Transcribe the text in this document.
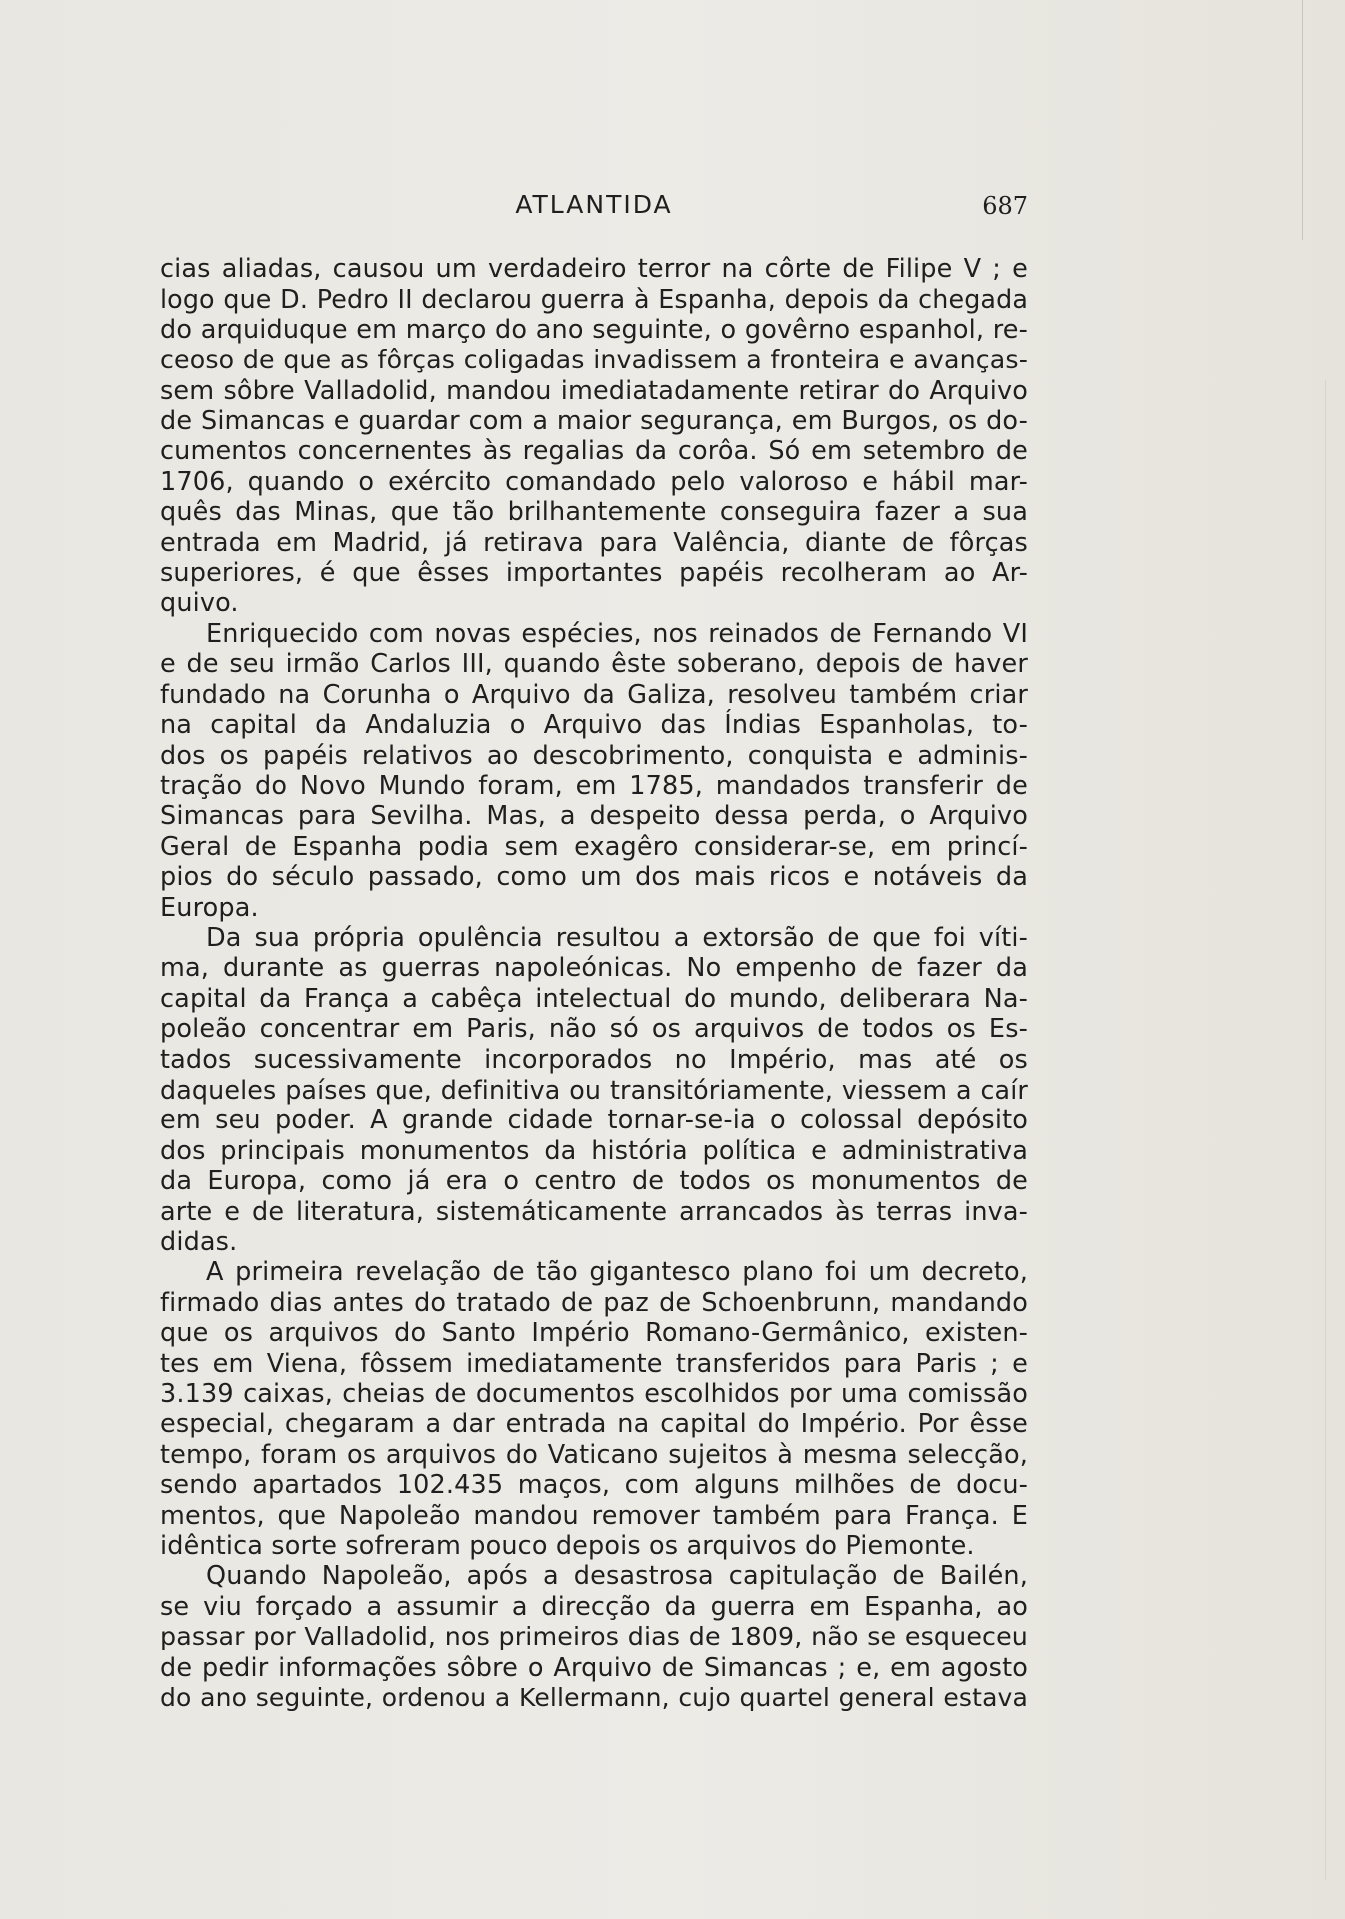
ATLANTIDA	687

cias aliadas, causou um verdadeiro terror na côrte de Filipe V ; e
logo que D. Pedro II declarou guerra à Espanha, depois da chegada
do arquiduque em março do ano seguinte, o govêrno espanhol, re-
ceoso de que as fôrças coligadas invadissem a fronteira e avanças-
sem sôbre Valladolid, mandou imediatadamente retirar do Arquivo
de Simancas e guardar com a maior segurança, em Burgos, os do-
cumentos concernentes às regalias da corôa. Só em setembro de
1706, quando o exército comandado pelo valoroso e hábil mar-
quês das Minas, que tão brilhantemente conseguira fazer a sua
entrada em Madrid, já retirava para Valência, diante de fôrças
superiores, é que êsses importantes papéis recolheram ao Ar-
quivo.

Enriquecido com novas espécies, nos reinados de Fernando VI
e de seu irmão Carlos III, quando êste soberano, depois de haver
fundado na Corunha o Arquivo da Galiza, resolveu também criar
na capital da Andaluzia o Arquivo das Índias Espanholas, to-
dos os papéis relativos ao descobrimento, conquista e adminis-
tração do Novo Mundo foram, em 1785, mandados transferir de
Simancas para Sevilha. Mas, a despeito dessa perda, o Arquivo
Geral de Espanha podia sem exagêro considerar-se, em princí-
pios do século passado, como um dos mais ricos e notáveis da
Europa.

Da sua própria opulência resultou a extorsão de que foi víti-
ma, durante as guerras napoleónicas. No empenho de fazer da
capital da França a cabêça intelectual do mundo, deliberara Na-
poleão concentrar em Paris, não só os arquivos de todos os Es-
tados sucessivamente incorporados no Império, mas até os
daqueles países que, definitiva ou transitóriamente, viessem a caír
em seu poder. A grande cidade tornar-se-ia o colossal depósito
dos principais monumentos da história política e administrativa
da Europa, como já era o centro de todos os monumentos de
arte e de literatura, sistemáticamente arrancados às terras inva-
didas.

A primeira revelação de tão gigantesco plano foi um decreto,
firmado dias antes do tratado de paz de Schoenbrunn, mandando
que os arquivos do Santo Império Romano-Germânico, existen-
tes em Viena, fôssem imediatamente transferidos para Paris ; e
3.139 caixas, cheias de documentos escolhidos por uma comissão
especial, chegaram a dar entrada na capital do Império. Por êsse
tempo, foram os arquivos do Vaticano sujeitos à mesma selecção,
sendo apartados 102.435 maços, com alguns milhões de docu-
mentos, que Napoleão mandou remover também para França. E
idêntica sorte sofreram pouco depois os arquivos do Piemonte.

Quando Napoleão, após a desastrosa capitulação de Bailén,
se viu forçado a assumir a direcção da guerra em Espanha, ao
passar por Valladolid, nos primeiros dias de 1809, não se esqueceu
de pedir informações sôbre o Arquivo de Simancas ; e, em agosto
do ano seguinte, ordenou a Kellermann, cujo quartel general estava
